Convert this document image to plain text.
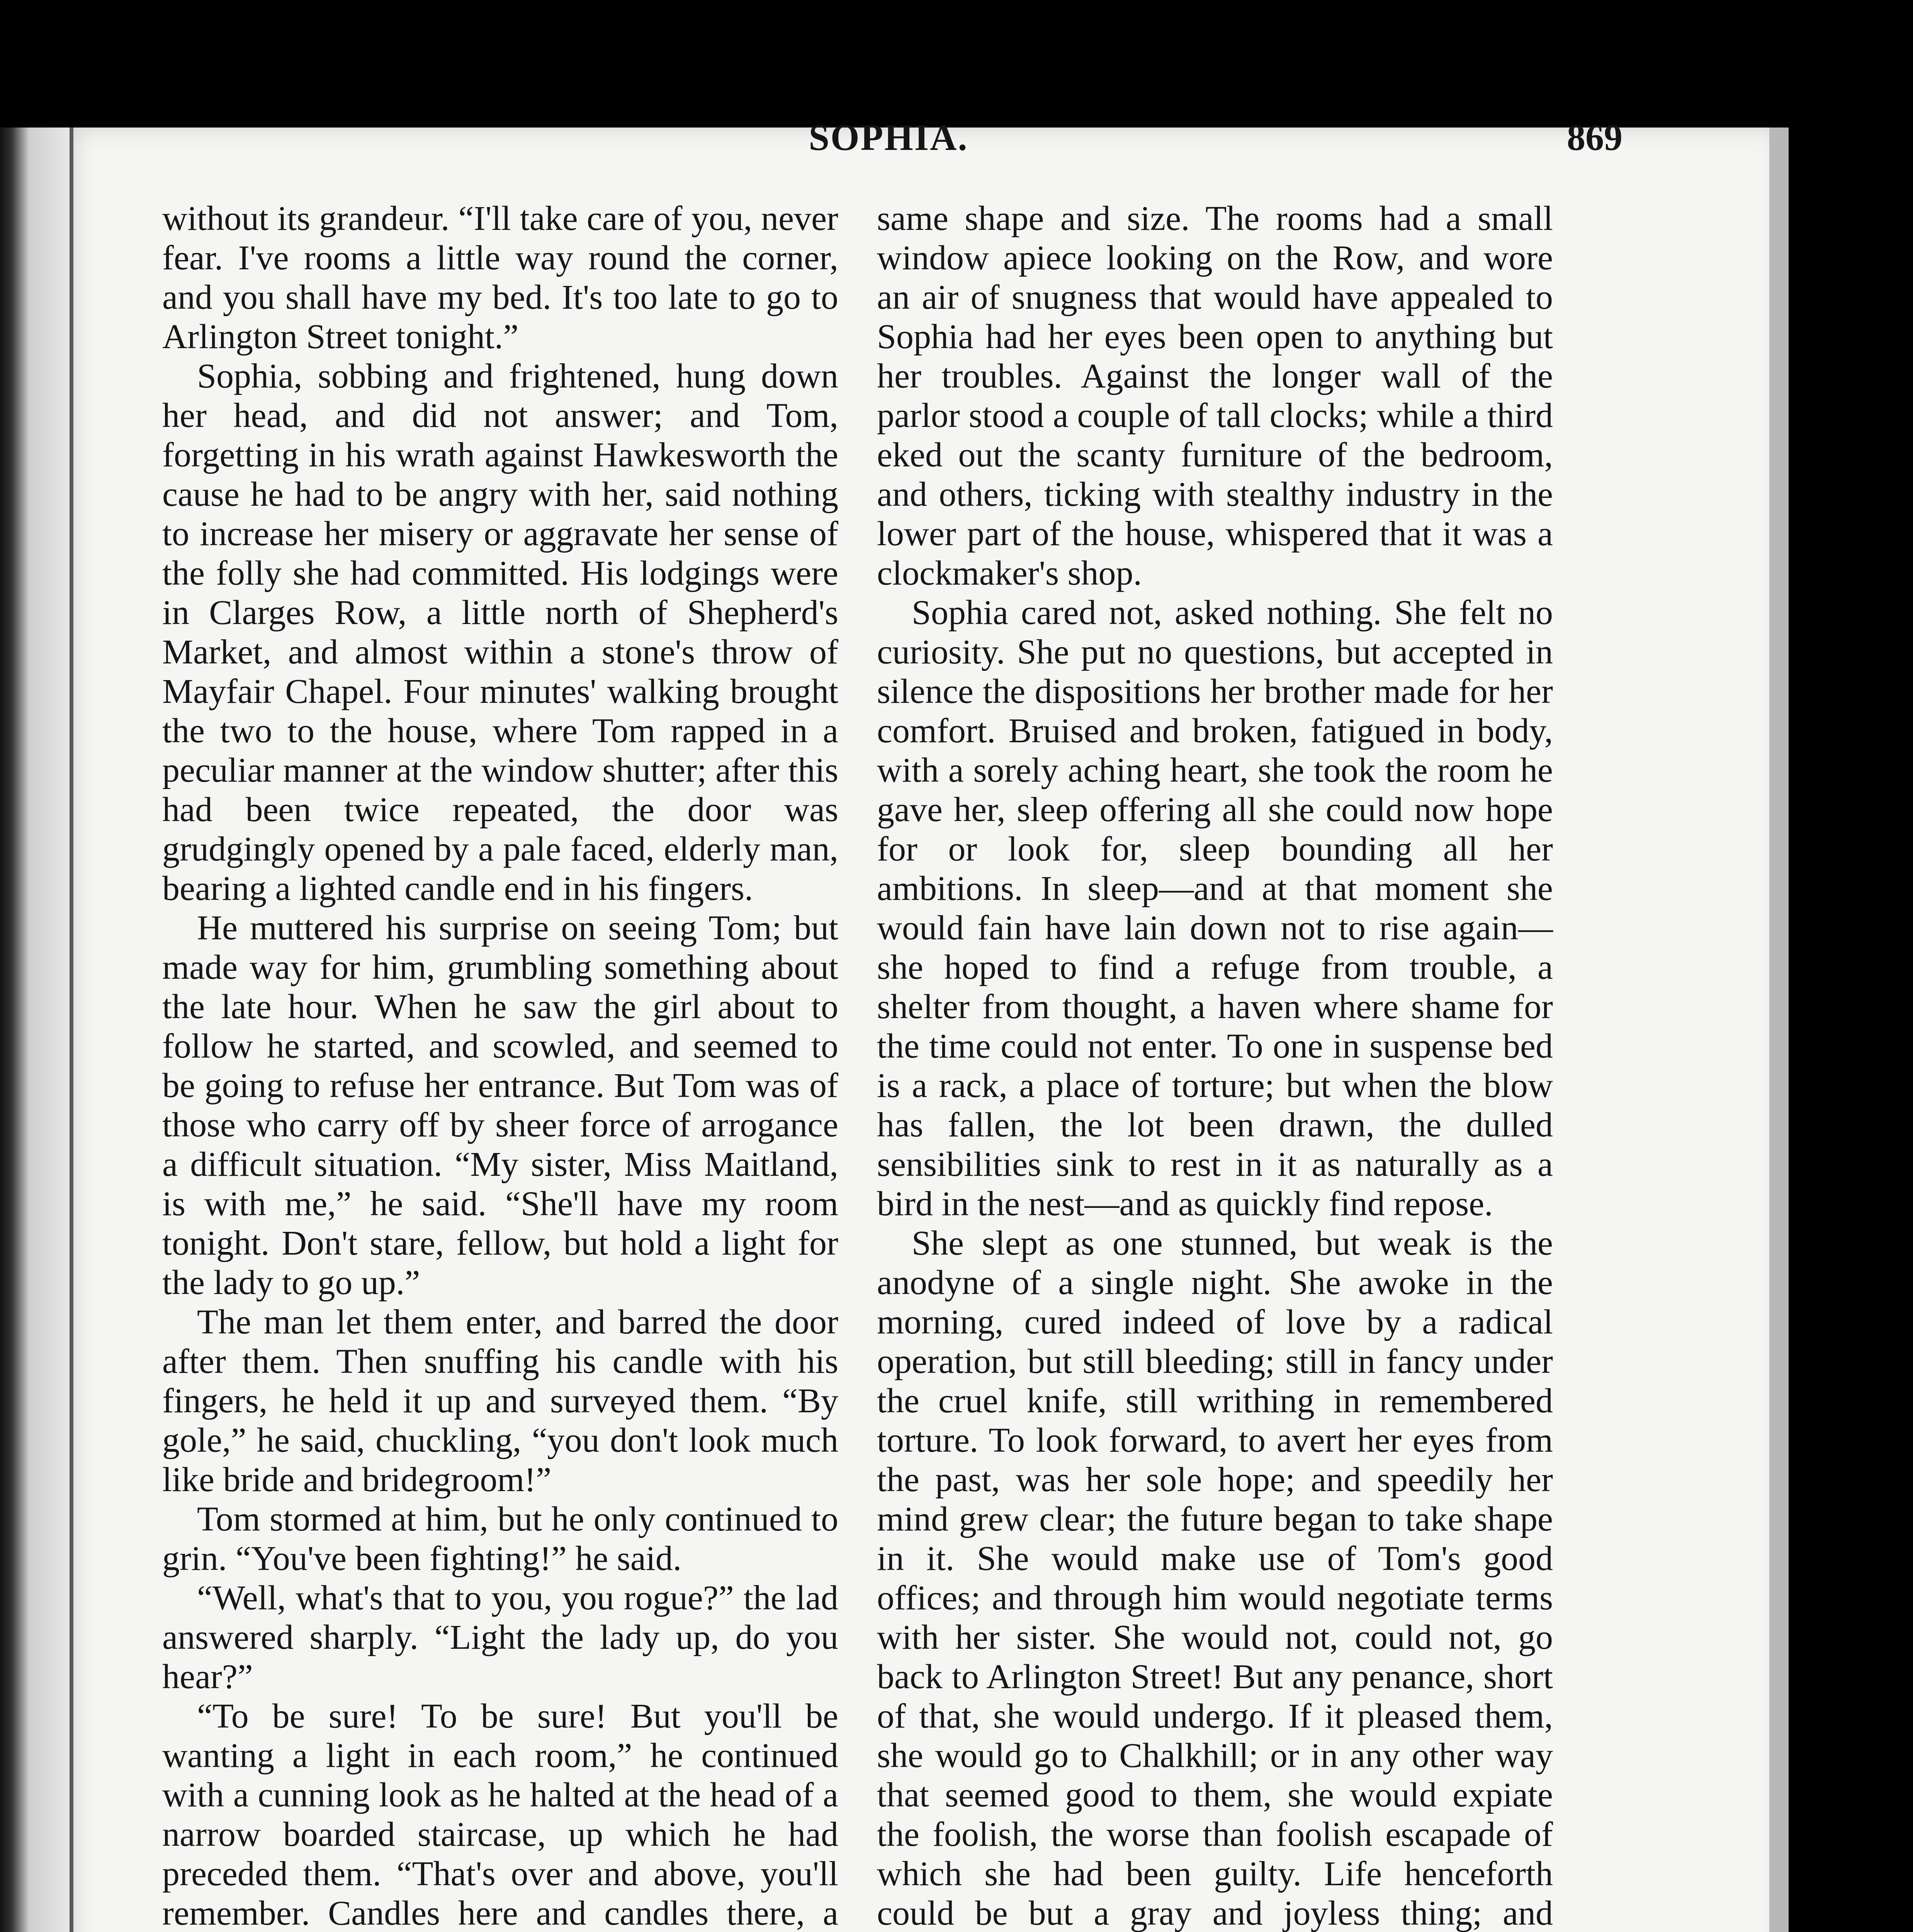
SOPHIA.	869

without its grandeur. “I'll take care of you, never fear. I've rooms a little way round the corner, and you shall have my bed. It's too late to go to Arlington Street tonight.”

Sophia, sobbing and frightened, hung down her head, and did not answer; and Tom, forgetting in his wrath against Hawkesworth the cause he had to be angry with her, said nothing to increase her misery or aggravate her sense of the folly she had committed. His lodgings were in Clarges Row, a little north of Shepherd's Market, and almost within a stone's throw of Mayfair Chapel. Four minutes' walking brought the two to the house, where Tom rapped in a peculiar manner at the window shutter; after this had been twice repeated, the door was grudgingly opened by a pale faced, elderly man, bearing a lighted candle end in his fingers.

He muttered his surprise on seeing Tom; but made way for him, grumbling something about the late hour. When he saw the girl about to follow he started, and scowled, and seemed to be going to refuse her entrance. But Tom was of those who carry off by sheer force of arrogance a difficult situation. “My sister, Miss Maitland, is with me,” he said. “She'll have my room tonight. Don't stare, fellow, but hold a light for the lady to go up.”

The man let them enter, and barred the door after them. Then snuffing his candle with his fingers, he held it up and surveyed them. “By gole,” he said, chuckling, “you don't look much like bride and bridegroom!”

Tom stormed at him, but he only continued to grin. “You've been fighting!” he said.

“Well, what's that to you, you rogue?” the lad answered sharply. “Light the lady up, do you hear?”

“To be sure! To be sure! But you'll be wanting a light in each room,” he continued with a cunning look as he halted at the head of a narrow boarded staircase, up which he had preceded them. “That's over and above, you'll remember. Candles here and candles there, a

same shape and size. The rooms had a small window apiece looking on the Row, and wore an air of snugness that would have appealed to Sophia had her eyes been open to anything but her troubles. Against the longer wall of the parlor stood a couple of tall clocks; while a third eked out the scanty furniture of the bedroom, and others, ticking with stealthy industry in the lower part of the house, whispered that it was a clockmaker's shop.

Sophia cared not, asked nothing. She felt no curiosity. She put no questions, but accepted in silence the dispositions her brother made for her comfort. Bruised and broken, fatigued in body, with a sorely aching heart, she took the room he gave her, sleep offering all she could now hope for or look for, sleep bounding all her ambitions. In sleep—and at that moment she would fain have lain down not to rise again—she hoped to find a refuge from trouble, a shelter from thought, a haven where shame for the time could not enter. To one in suspense bed is a rack, a place of torture; but when the blow has fallen, the lot been drawn, the dulled sensibilities sink to rest in it as naturally as a bird in the nest—and as quickly find repose.

She slept as one stunned, but weak is the anodyne of a single night. She awoke in the morning, cured indeed of love by a radical operation, but still bleeding; still in fancy under the cruel knife, still writhing in remembered torture. To look forward, to avert her eyes from the past, was her sole hope; and speedily her mind grew clear; the future began to take shape in it. She would make use of Tom's good offices; and through him would negotiate terms with her sister. She would not, could not, go back to Arlington Street! But any penance, short of that, she would undergo. If it pleased them, she would go to Chalkhill; or in any other way that seemed good to them, she would expiate the foolish, the worse than foolish escapade of which she had been guilty. Life henceforth could be but a gray and joyless thing; and
